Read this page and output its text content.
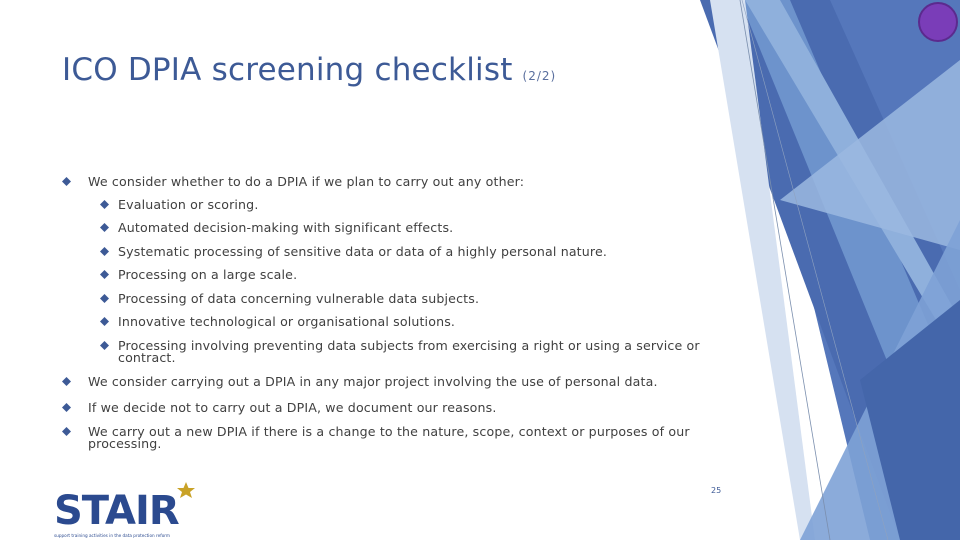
ICO DPIA screening checklist (2/2)
We consider whether to do a DPIA if we plan to carry out any other:
Evaluation or scoring.
Automated decision-making with significant effects.
Systematic processing of sensitive data or data of a highly personal nature.
Processing on a large scale.
Processing of data concerning vulnerable data subjects.
Innovative technological or organisational solutions.
Processing involving preventing data subjects from exercising a right or using a service or contract.
We consider carrying out a DPIA in any major project involving the use of personal data.
If we decide not to carry out a DPIA, we document our reasons.
We carry out a new DPIA if there is a change to the nature, scope, context or purposes of our processing.
STAIR
support training activities in the data protection reform
25
